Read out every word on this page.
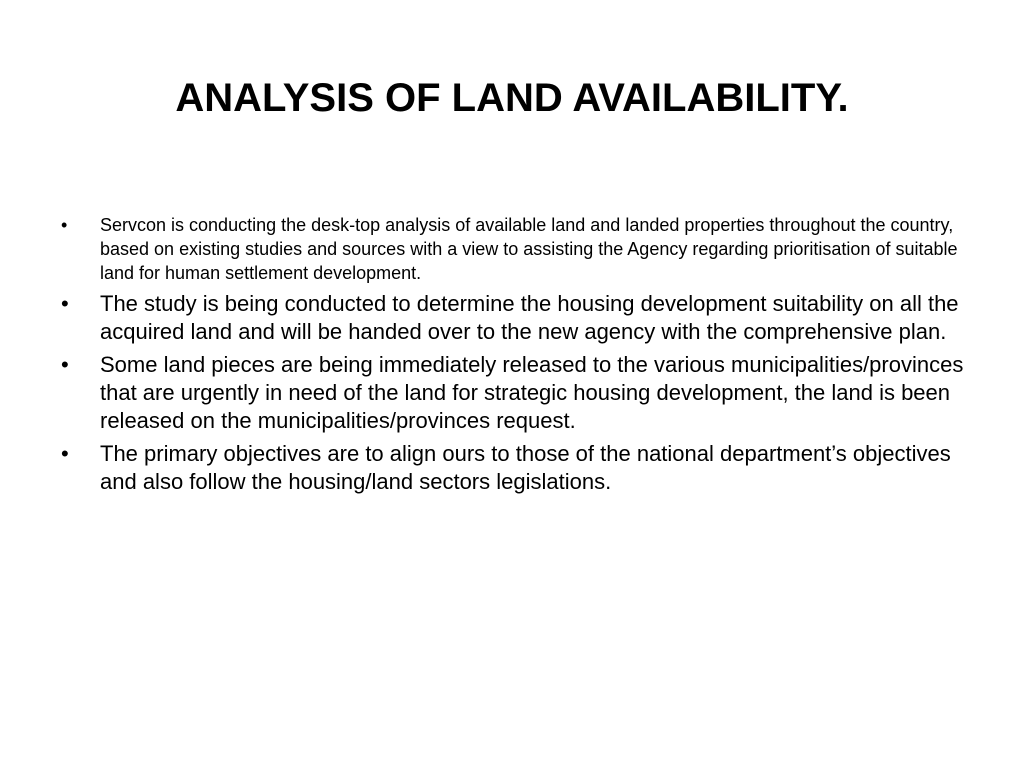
ANALYSIS OF LAND AVAILABILITY.
• Servcon is conducting the desk-top analysis of available land and landed properties throughout the country, based on existing studies and sources with a view to assisting the Agency regarding prioritisation of suitable land for human settlement development.
• The study is being conducted to determine the housing development suitability on all the acquired land and will be handed over to the new agency with the comprehensive plan.
• Some land pieces are being immediately released to the various municipalities/provinces that are urgently in need of the land for strategic housing development, the land is been released on the municipalities/provinces request.
• The primary objectives are to align ours to those of the national department’s objectives and also follow the housing/land sectors legislations.
